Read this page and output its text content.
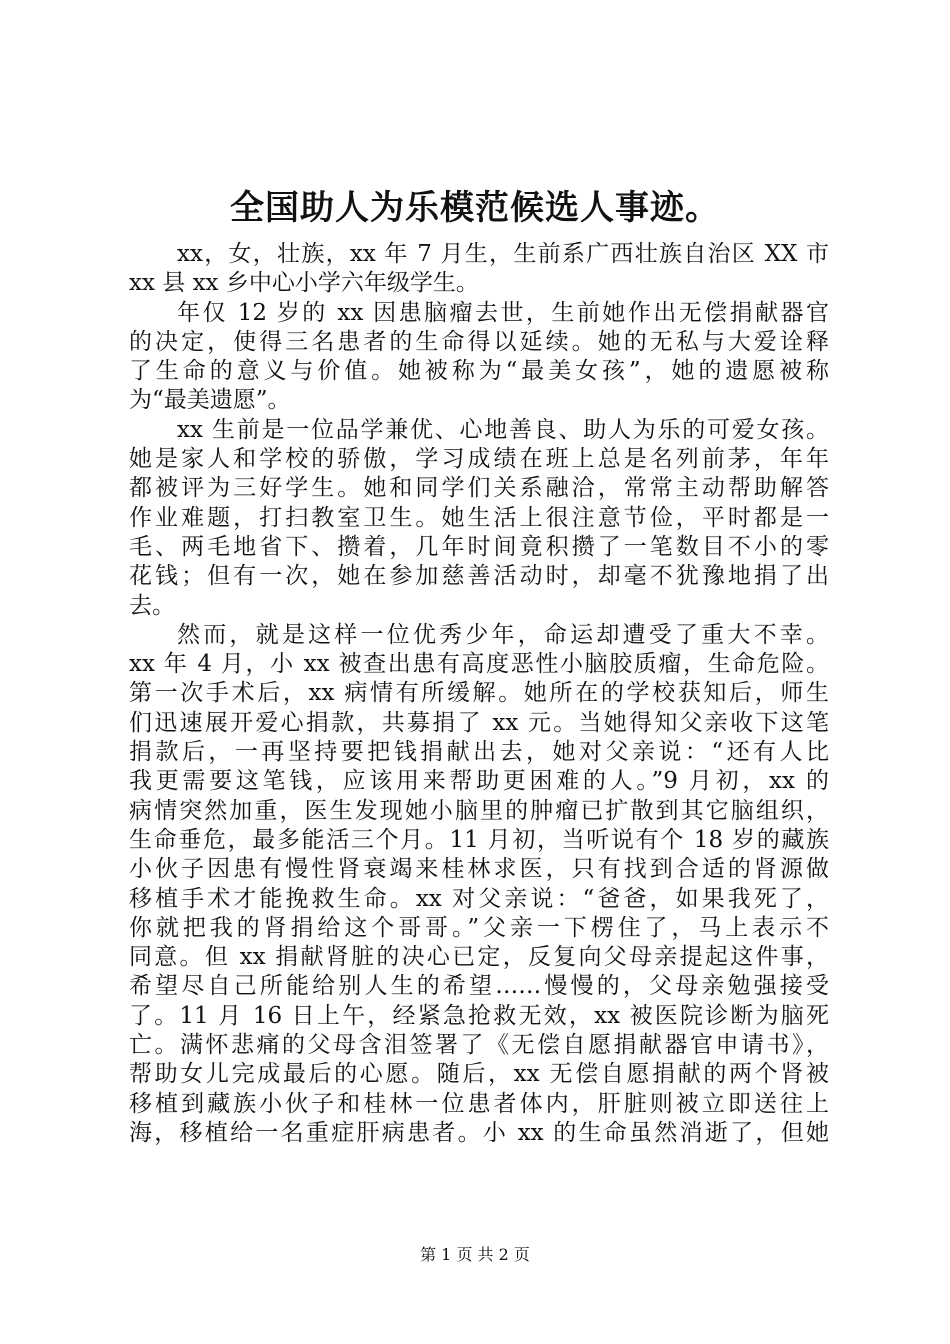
全国助人为乐模范候选人事迹。
xx，女，壮族，xx 年 7 月生，生前系广西壮族自治区 XX 市
xx 县 xx 乡中心小学六年级学生。
年仅 12 岁的 xx 因患脑瘤去世，生前她作出无偿捐献器官
的决定，使得三名患者的生命得以延续。她的无私与大爱诠释
了生命的意义与价值。她被称为“最美女孩”，她的遗愿被称
为“最美遗愿”。
xx 生前是一位品学兼优、心地善良、助人为乐的可爱女孩。
她是家人和学校的骄傲，学习成绩在班上总是名列前茅，年年
都被评为三好学生。她和同学们关系融洽，常常主动帮助解答
作业难题，打扫教室卫生。她生活上很注意节俭，平时都是一
毛、两毛地省下、攒着，几年时间竟积攒了一笔数目不小的零
花钱；但有一次，她在参加慈善活动时，却毫不犹豫地捐了出
去。
然而，就是这样一位优秀少年，命运却遭受了重大不幸。
xx 年 4 月，小 xx 被查出患有高度恶性小脑胶质瘤，生命危险。
第一次手术后，xx 病情有所缓解。她所在的学校获知后，师生
们迅速展开爱心捐款，共募捐了 xx 元。当她得知父亲收下这笔
捐款后，一再坚持要把钱捐献出去，她对父亲说：“还有人比
我更需要这笔钱，应该用来帮助更困难的人。”9 月初，xx 的
病情突然加重，医生发现她小脑里的肿瘤已扩散到其它脑组织，
生命垂危，最多能活三个月。11 月初，当听说有个 18 岁的藏族
小伙子因患有慢性肾衰竭来桂林求医，只有找到合适的肾源做
移植手术才能挽救生命。xx 对父亲说：“爸爸，如果我死了，
你就把我的肾捐给这个哥哥。”父亲一下楞住了，马上表示不
同意。但 xx 捐献肾脏的决心已定，反复向父母亲提起这件事，
希望尽自己所能给别人生的希望……慢慢的，父母亲勉强接受
了。11 月 16 日上午，经紧急抢救无效，xx 被医院诊断为脑死
亡。满怀悲痛的父母含泪签署了《无偿自愿捐献器官申请书》，
帮助女儿完成最后的心愿。随后，xx 无偿自愿捐献的两个肾被
移植到藏族小伙子和桂林一位患者体内，肝脏则被立即送往上
海，移植给一名重症肝病患者。小 xx 的生命虽然消逝了，但她
第 1 页 共 2 页
